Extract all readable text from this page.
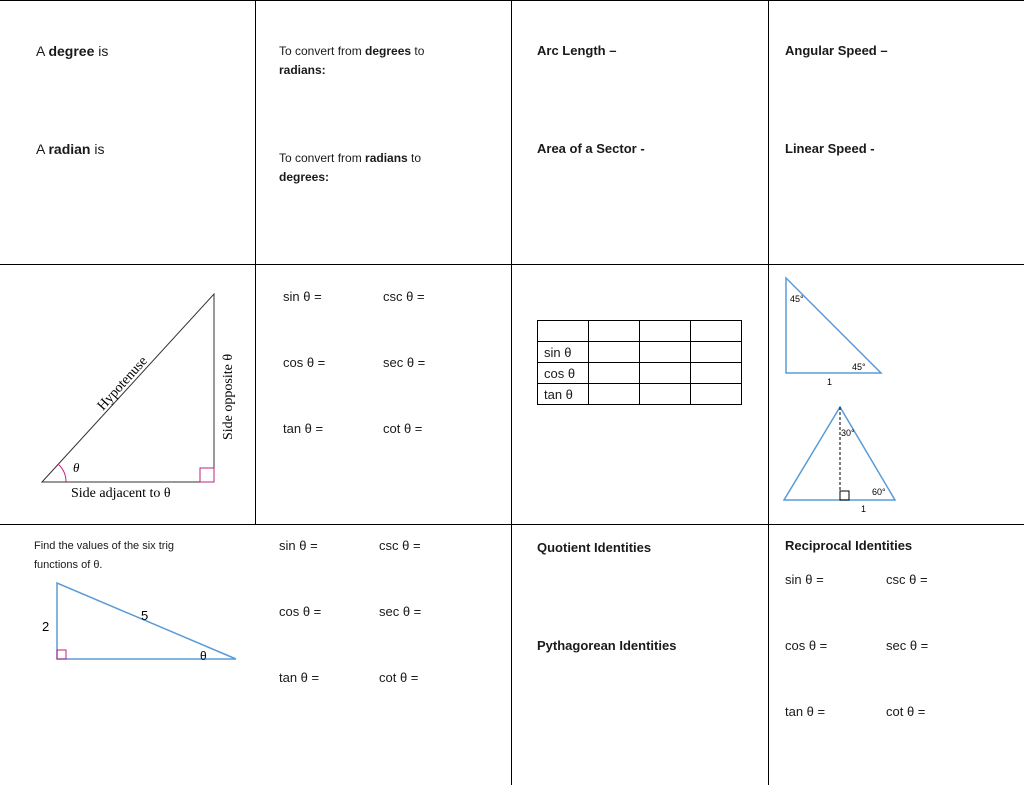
A degree is
A radian is
To convert from degrees to
radians:
To convert from radians to
degrees:
Arc Length –
Area of a Sector -
Angular Speed –
Linear Speed -
Hypotenuse	Side opposite θ
Side adjacent to θ
θ
sin θ =	csc θ =
cos θ =	sec θ =
tan θ =	cot θ =

sin θ			
cos θ			
tan θ			
45°
45°
1
30°
60°
1
Find the values of the six trig
functions of θ.
2
5
θ
sin θ =	csc θ =
cos θ =	sec θ =
tan θ =	cot θ =
Quotient Identities
Pythagorean Identities
Reciprocal Identities
sin θ =	csc θ =
cos θ =	sec θ =
tan θ =	cot θ =
